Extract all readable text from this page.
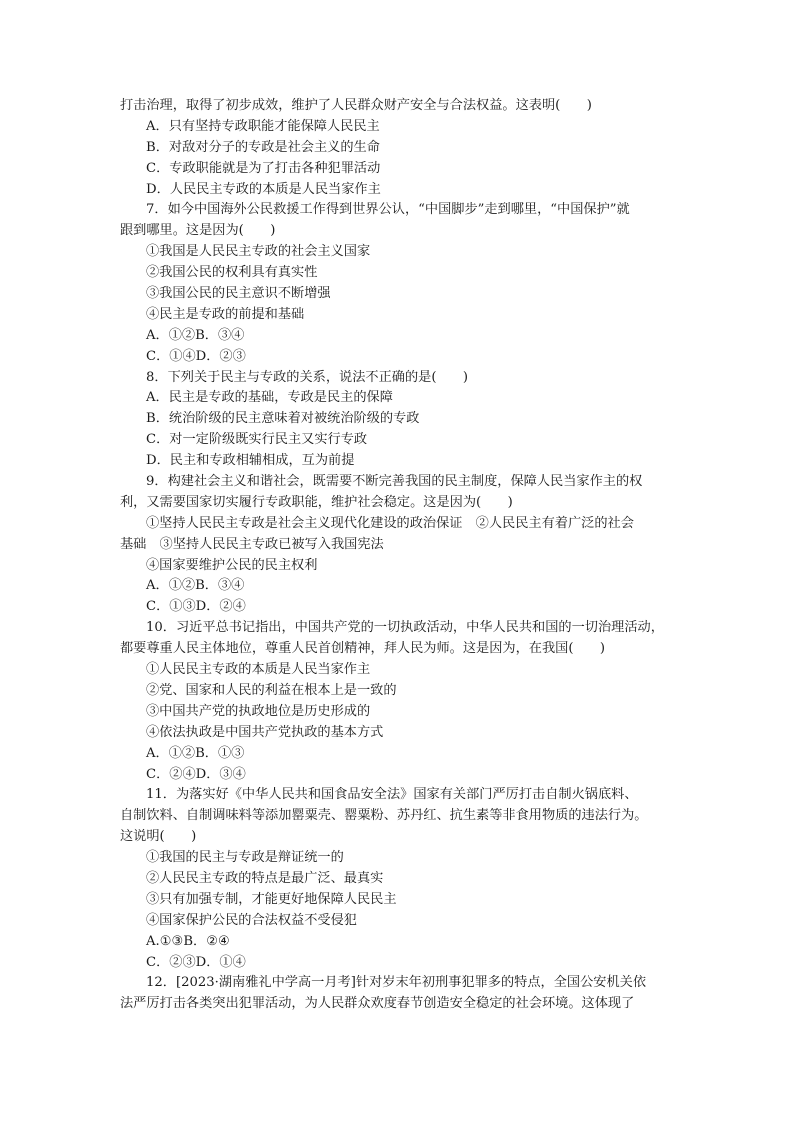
打击治理，取得了初步成效，维护了人民群众财产安全与合法权益。这表明(　　)
A．只有坚持专政职能才能保障人民民主
B．对敌对分子的专政是社会主义的生命
C．专政职能就是为了打击各种犯罪活动
D．人民民主专政的本质是人民当家作主
7．如今中国海外公民救援工作得到世界公认，“中国脚步”走到哪里，“中国保护”就
跟到哪里。这是因为(　　)
①我国是人民民主专政的社会主义国家
②我国公民的权利具有真实性
③我国公民的民主意识不断增强
④民主是专政的前提和基础
A．①②B．③④
C．①④D．②③
8．下列关于民主与专政的关系，说法不正确的是(　　)
A．民主是专政的基础，专政是民主的保障
B．统治阶级的民主意味着对被统治阶级的专政
C．对一定阶级既实行民主又实行专政
D．民主和专政相辅相成，互为前提
9．构建社会主义和谐社会，既需要不断完善我国的民主制度，保障人民当家作主的权
利，又需要国家切实履行专政职能，维护社会稳定。这是因为(　　)
①坚持人民民主专政是社会主义现代化建设的政治保证　②人民民主有着广泛的社会
基础　③坚持人民民主专政已被写入我国宪法
④国家要维护公民的民主权利
A．①②B．③④
C．①③D．②④
10．习近平总书记指出，中国共产党的一切执政活动，中华人民共和国的一切治理活动，
都要尊重人民主体地位，尊重人民首创精神，拜人民为师。这是因为，在我国(　　)
①人民民主专政的本质是人民当家作主
②党、国家和人民的利益在根本上是一致的
③中国共产党的执政地位是历史形成的
④依法执政是中国共产党执政的基本方式
A．①②B．①③
C．②④D．③④
11．为落实好《中华人民共和国食品安全法》国家有关部门严厉打击自制火锅底料、
自制饮料、自制调味料等添加罂粟壳、罂粟粉、苏丹红、抗生素等非食用物质的违法行为。
这说明(　　)
①我国的民主与专政是辩证统一的
②人民民主专政的特点是最广泛、最真实
③只有加强专制，才能更好地保障人民民主
④国家保护公民的合法权益不受侵犯
A.①③B．②④
C．②③D．①④
12．[2023·湖南雅礼中学高一月考]针对岁末年初刑事犯罪多的特点，全国公安机关依
法严厉打击各类突出犯罪活动，为人民群众欢度春节创造安全稳定的社会环境。这体现了
